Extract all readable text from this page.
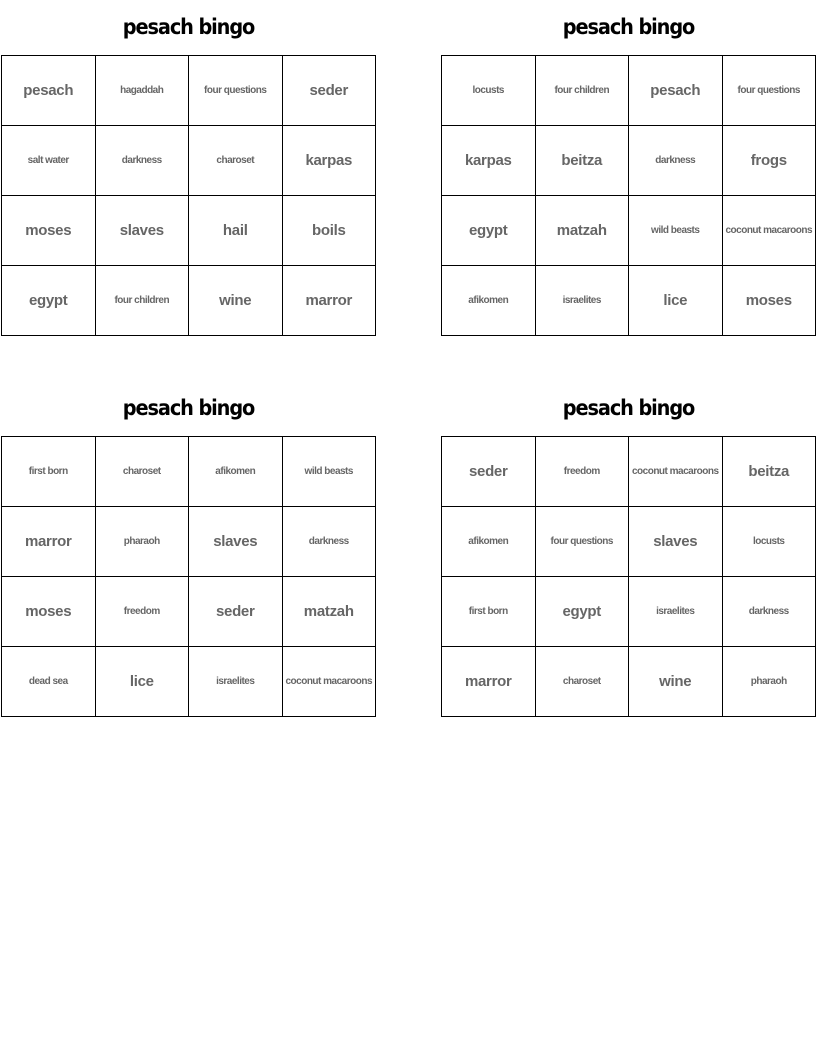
pesach bingo
pesach	hagaddah	four questions	seder
salt water	darkness	charoset	karpas
moses	slaves	hail	boils
egypt	four children	wine	marror
pesach bingo
locusts	four children	pesach	four questions
karpas	beitza	darkness	frogs
egypt	matzah	wild beasts	coconut macaroons
afikomen	israelites	lice	moses
pesach bingo
first born	charoset	afikomen	wild beasts
marror	pharaoh	slaves	darkness
moses	freedom	seder	matzah
dead sea	lice	israelites	coconut macaroons
pesach bingo
seder	freedom	coconut macaroons	beitza
afikomen	four questions	slaves	locusts
first born	egypt	israelites	darkness
marror	charoset	wine	pharaoh
